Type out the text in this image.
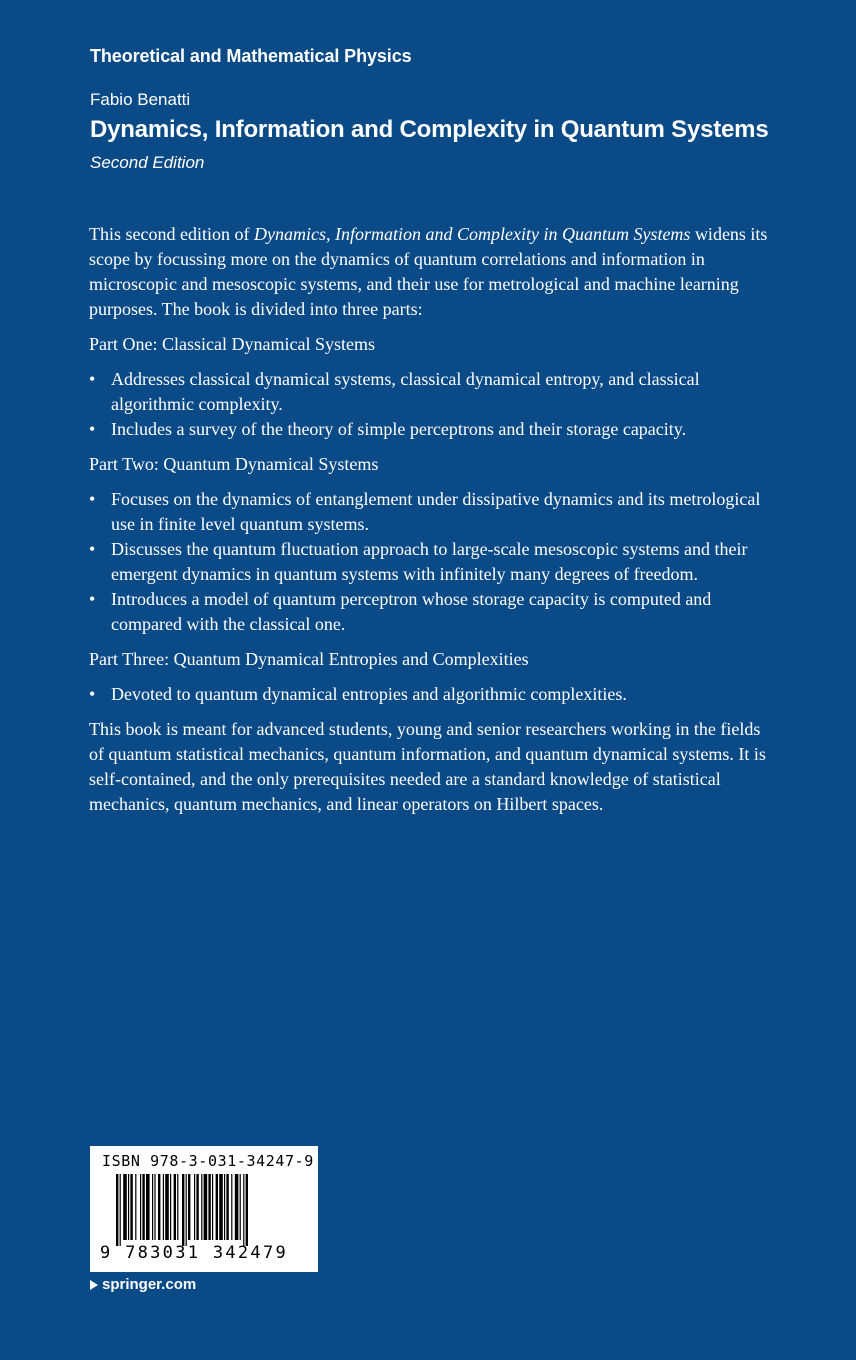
Theoretical and Mathematical Physics
Fabio Benatti
Dynamics, Information and Complexity in Quantum Systems
Second Edition

This second edition of Dynamics, Information and Complexity in Quantum Systems widens its scope by focussing more on the dynamics of quantum correlations and information in microscopic and mesoscopic systems, and their use for metrological and machine learning purposes. The book is divided into three parts:

Part One: Classical Dynamical Systems

• Addresses classical dynamical systems, classical dynamical entropy, and classical algorithmic complexity.
• Includes a survey of the theory of simple perceptrons and their storage capacity.

Part Two: Quantum Dynamical Systems

• Focuses on the dynamics of entanglement under dissipative dynamics and its metrological use in finite level quantum systems.
• Discusses the quantum fluctuation approach to large-scale mesoscopic systems and their emergent dynamics in quantum systems with infinitely many degrees of freedom.
• Introduces a model of quantum perceptron whose storage capacity is computed and compared with the classical one.

Part Three: Quantum Dynamical Entropies and Complexities

• Devoted to quantum dynamical entropies and algorithmic complexities.

This book is meant for advanced students, young and senior researchers working in the fields of quantum statistical mechanics, quantum information, and quantum dynamical systems. It is self-contained, and the only prerequisites needed are a standard knowledge of statistical mechanics, quantum mechanics, and linear operators on Hilbert spaces.

ISBN 978-3-031-34247-9
9 783031 342479
springer.com
